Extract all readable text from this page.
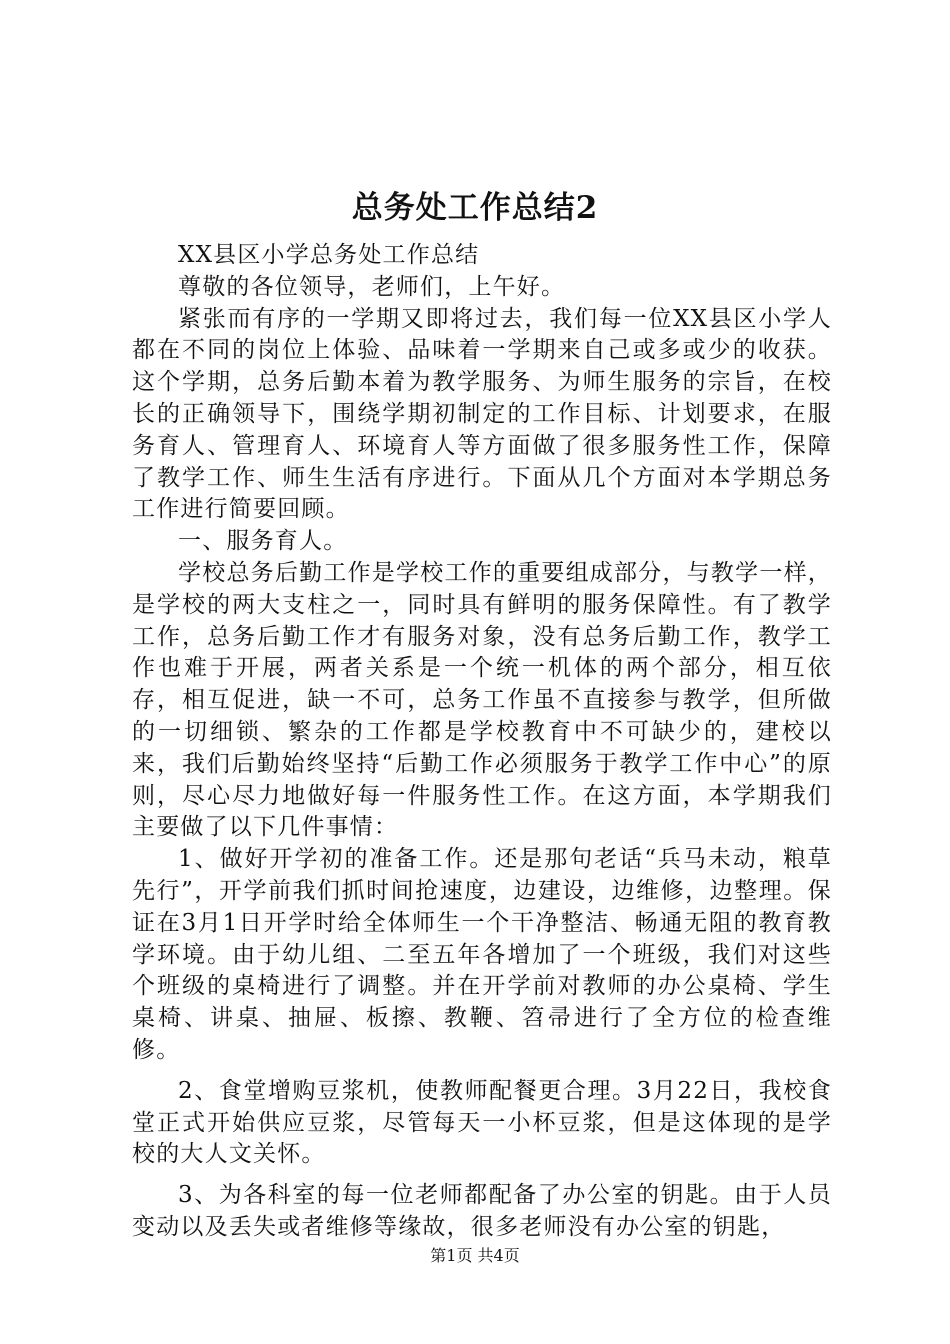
总务处工作总结2

XX县区小学总务处工作总结

尊敬的各位领导，老师们，上午好。

紧张而有序的一学期又即将过去，我们每一位XX县区小学人都在不同的岗位上体验、品味着一学期来自己或多或少的收获。这个学期，总务后勤本着为教学服务、为师生服务的宗旨，在校长的正确领导下，围绕学期初制定的工作目标、计划要求，在服务育人、管理育人、环境育人等方面做了很多服务性工作，保障了教学工作、师生生活有序进行。下面从几个方面对本学期总务工作进行简要回顾。

一、服务育人。

学校总务后勤工作是学校工作的重要组成部分，与教学一样，是学校的两大支柱之一，同时具有鲜明的服务保障性。有了教学工作，总务后勤工作才有服务对象，没有总务后勤工作，教学工作也难于开展，两者关系是一个统一机体的两个部分，相互依存，相互促进，缺一不可，总务工作虽不直接参与教学，但所做的一切细锁、繁杂的工作都是学校教育中不可缺少的，建校以来，我们后勤始终坚持“后勤工作必须服务于教学工作中心”的原则，尽心尽力地做好每一件服务性工作。在这方面，本学期我们主要做了以下几件事情：

1、做好开学初的准备工作。还是那句老话“兵马未动，粮草先行”，开学前我们抓时间抢速度，边建设，边维修，边整理。保证在3月1日开学时给全体师生一个干净整洁、畅通无阻的教育教学环境。由于幼儿组、二至五年各增加了一个班级，我们对这些个班级的桌椅进行了调整。并在开学前对教师的办公桌椅、学生桌椅、讲桌、抽屉、板擦、教鞭、笤帚进行了全方位的检查维修。

2、食堂增购豆浆机，使教师配餐更合理。3月22日，我校食堂正式开始供应豆浆，尽管每天一小杯豆浆，但是这体现的是学校的大人文关怀。

3、为各科室的每一位老师都配备了办公室的钥匙。由于人员变动以及丢失或者维修等缘故，很多老师没有办公室的钥匙，

第1页 共4页
